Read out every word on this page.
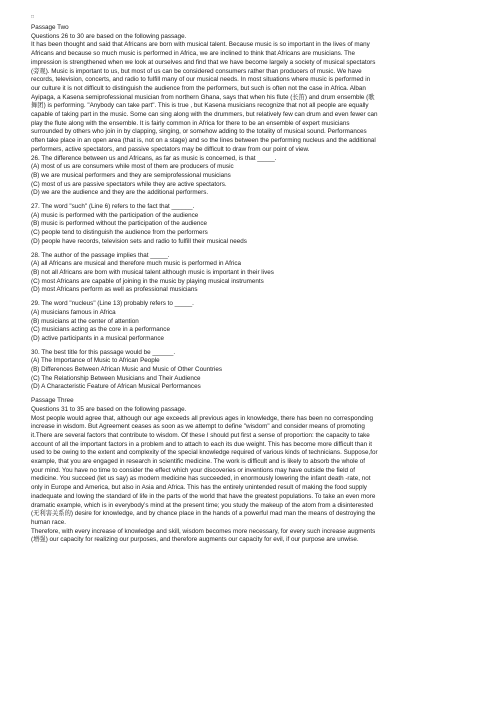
□
Passage Two
Questions 26 to 30 are based on the following passage.
It has been thought and said that Africans are born with musical talent. Because music is so important in the lives of many
Africans and because so much music is performed in Africa, we are inclined to think that Africans are musicians. The
impression is strengthened when we look at ourselves and find that we have become largely a society of musical spectators
(旁观). Music is important to us, but most of us can be considered consumers rather than producers of music. We have
records, television, concerts, and radio to fulfill many of our musical needs. In most situations where music is performed in
our culture it is not difficult to distinguish the audience from the performers, but such is often not the case in Africa. Alban
Ayipaga, a Kasena semiprofessional musician from northern Ghana, says that when his flute (长笛) and drum ensemble (歌
舞团) is performing. "Anybody can take part". This is true , but Kasena musicians recognize that not all people are equally
capable of taking part in the music. Some can sing along with the drummers, but relatively few can drum and even fewer can
play the flute along with the ensemble. It is fairly common in Africa for there to be an ensemble of expert musicians
surrounded by others who join in by clapping, singing, or somehow adding to the totality of musical sound. Performances
often take place in an open area (that is, not on a stage) and so the lines between the performing nucleus and the additional
performers, active spectators, and passive spectators may be difficult to draw from our point of view.
26. The difference between us and Africans, as far as music is concerned, is that _____.
(A) most of us are consumers while most of them are producers of music
(B) we are musical performers and they are semiprofessional musicians
(C) most of us are passive spectators while they are active spectators.
(D) we are the audience and they are the additional performers.
27. The word "such" (Line 6) refers to the fact that ______.
(A) music is performed with the participation of the audience
(B) music is performed without the participation of the audience
(C) people tend to distinguish the audience from the performers
(D) people have records, television sets and radio to fulfill their musical needs
28. The author of the passage implies that _____.
(A) all Africans are musical and therefore much music is performed in Africa
(B) not all Africans are born with musical talent although music is important in their lives
(C) most Africans are capable of joining in the music by playing musical instruments
(D) most Africans perform as well as professional musicians
29. The word "nucleus" (Line 13) probably refers to _____.
(A) musicians famous in Africa
(B) musicians at the center of attention
(C) musicians acting as the core in a performance
(D) active participants in a musical performance
30. The best title for this passage would be ______.
(A) The Importance of Music to African People
(B) Differences Between African Music and Music of Other Countries
(C) The Relationship Between Musicians and Their Audience
(D) A Characteristic Feature of African Musical Performances
Passage Three
Questions 31 to 35 are based on the following passage.
Most people would agree that, although our age exceeds all previous ages in knowledge, there has been no corresponding
increase in wisdom. But Agreement ceases as soon as we attempt to define "wisdom" and consider means of promoting
it.There are several factors that contribute to wisdom. Of these I should put first a sense of proportion: the capacity to take
account of all the important factors in a problem and to attach to each its due weight. This has become more difficult than it
used to be owing to the extent and complexity of the special knowledge required of various kinds of technicians. Suppose,for
example, that you are engaged in research in scientific medicine. The work is difficult and is likely to absorb the whole of
your mind. You have no time to consider the effect which your discoveries or inventions may have outside the field of
medicine. You succeed (let us say) as modern medicine has succeeded, in enormously lowering the infant death -rate, not
only in Europe and America, but also in Asia and Africa. This has the entirely unintended result of making the food supply
inadequate and lowing the standard of life in the parts of the world that have the greatest populations. To take an even more
dramatic example, which is in everybody’s mind at the present time; you study the makeup of the atom from a disinterested
(无利害关系的) desire for knowledge, and by chance place in the hands of a powerful mad man the means of destroying the
human race.
Therefore, with every increase of knowledge and skill, wisdom becomes more necessary, for every such increase augments
(增强) our capacity for realizing our purposes, and therefore augments our capacity for evil, if our purpose are unwise.
